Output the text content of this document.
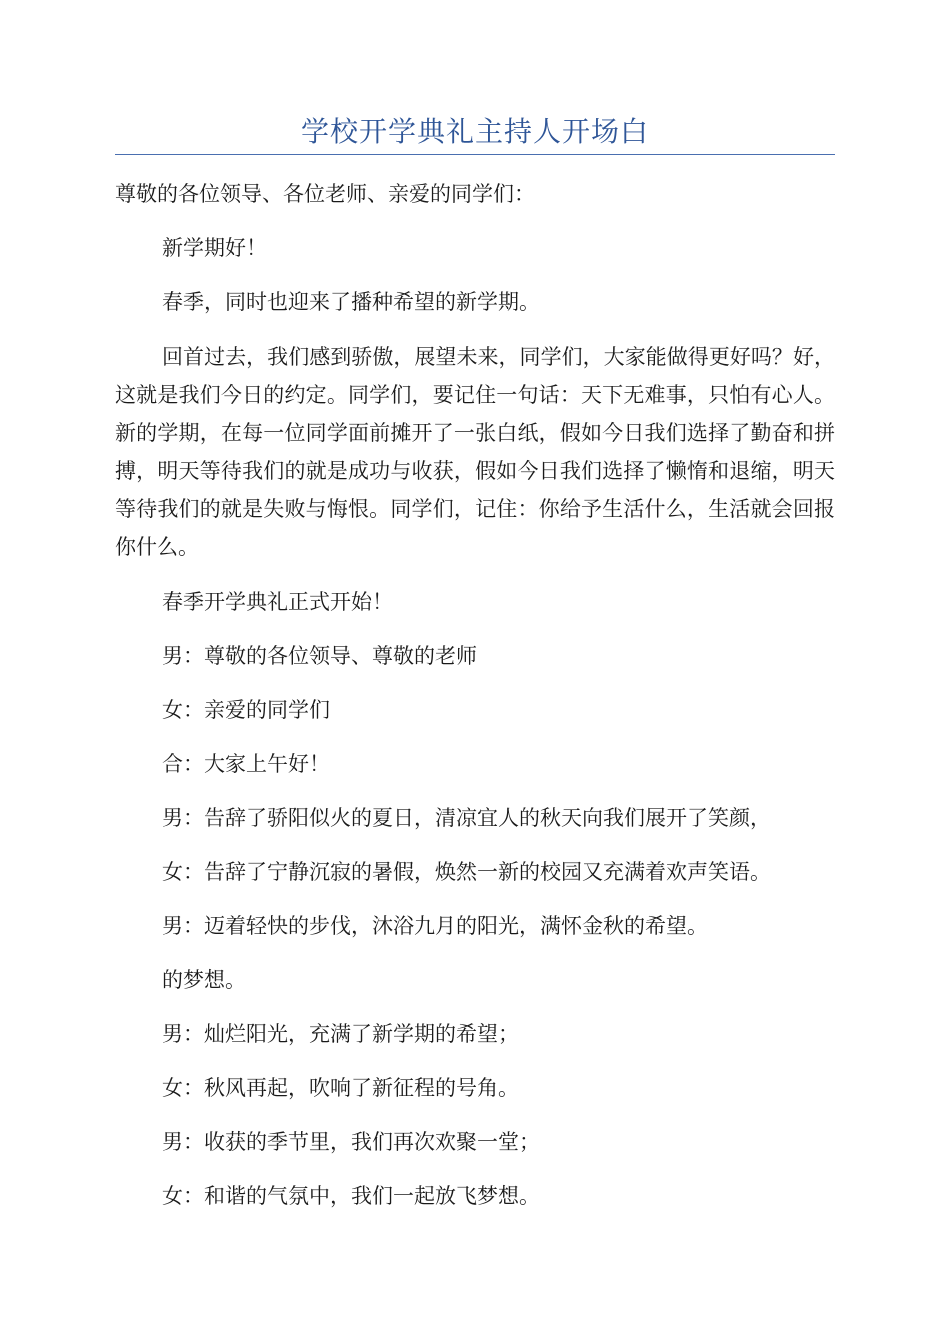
学校开学典礼主持人开场白

尊敬的各位领导、各位老师、亲爱的同学们：

新学期好！

春季，同时也迎来了播种希望的新学期。

回首过去，我们感到骄傲，展望未来，同学们，大家能做得更好吗？好，这就是我们今日的约定。同学们，要记住一句话：天下无难事，只怕有心人。新的学期，在每一位同学面前摊开了一张白纸，假如今日我们选择了勤奋和拼搏，明天等待我们的就是成功与收获，假如今日我们选择了懒惰和退缩，明天等待我们的就是失败与悔恨。同学们，记住：你给予生活什么，生活就会回报你什么。

春季开学典礼正式开始！

男：尊敬的各位领导、尊敬的老师

女：亲爱的同学们

合：大家上午好！

男：告辞了骄阳似火的夏日，清凉宜人的秋天向我们展开了笑颜，

女：告辞了宁静沉寂的暑假，焕然一新的校园又充满着欢声笑语。

男：迈着轻快的步伐，沐浴九月的阳光，满怀金秋的希望。

的梦想。

男：灿烂阳光，充满了新学期的希望；

女：秋风再起，吹响了新征程的号角。

男：收获的季节里，我们再次欢聚一堂；

女：和谐的气氛中，我们一起放飞梦想。
